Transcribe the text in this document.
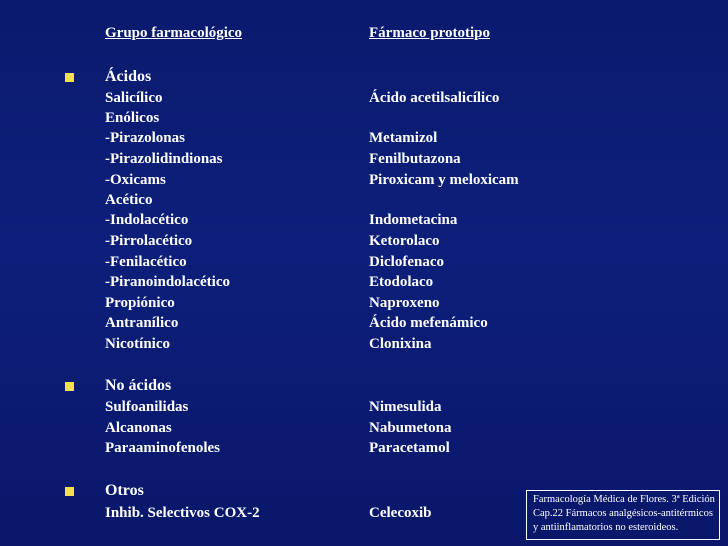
Grupo farmacológico	Fármaco prototipo
Ácidos
Salicílico	Ácido acetilsalicílico
Enólicos
-Pirazolonas	Metamizol
-Pirazolidindionas	Fenilbutazona
-Oxicams	Piroxicam y meloxicam
Acético
-Indolacético	Indometacina
-Pirrolacético	Ketorolaco
-Fenilacético	Diclofenaco
-Piranoindolacético	Etodolaco
Propiónico	Naproxeno
Antranílico	Ácido mefenámico
Nicotínico	Clonixina
No ácidos
Sulfoanilidas	Nimesulida
Alcanonas	Nabumetona
Paraaminofenoles	Paracetamol
Otros
Inhib. Selectivos COX-2	Celecoxib
Farmacología Médica de Flores. 3ª Edición
Cap.22 Fármacos analgésicos-antitérmicos
y antiinflamatorios no esteroideos.
